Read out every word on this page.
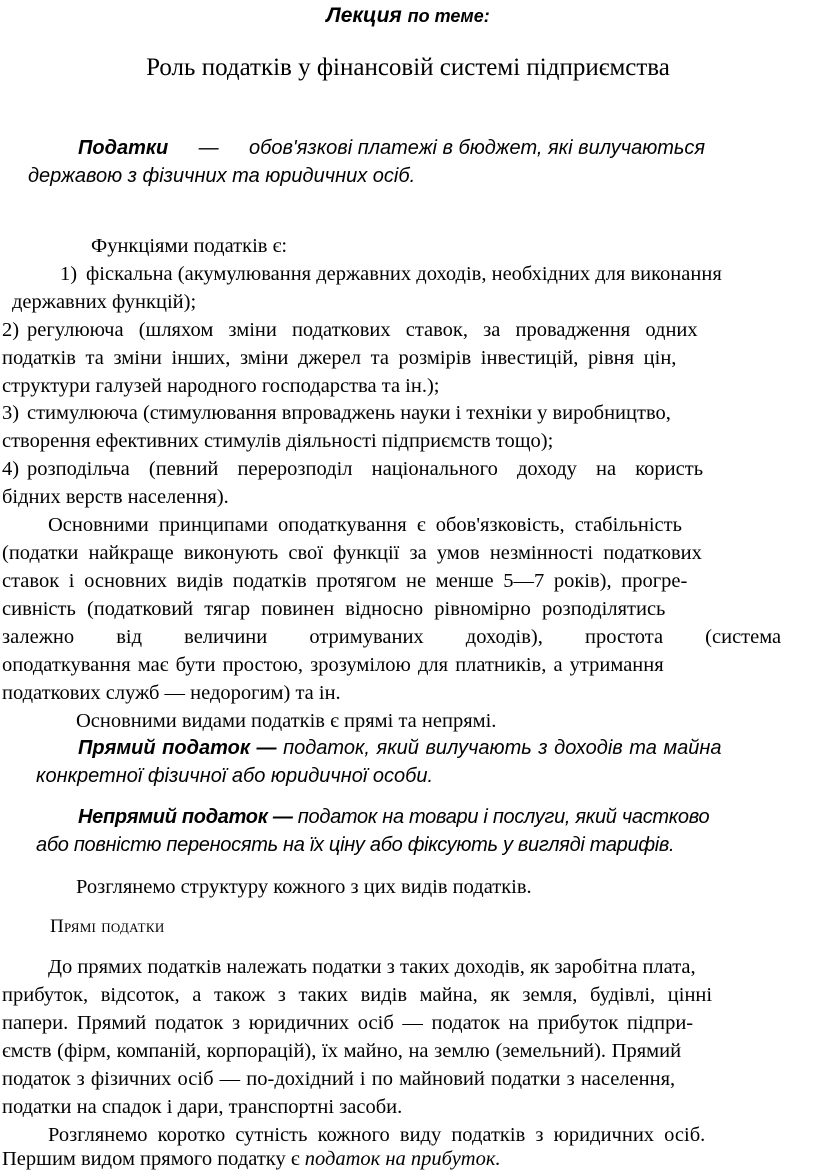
Лекция по теме:
Роль податків у фінансовій системі підприємства
Податки — обов'язкові платежі в бюджет, які вилучаються
державою з фізичних та юридичних осіб.
Функціями податків є:
1) фіскальна (акумулювання державних доходів, необхідних для виконання
державних функцій);
2) регулююча (шляхом зміни податкових ставок, за провадження одних
податків та зміни інших, зміни джерел та розмірів інвестицій, рівня цін,
структури галузей народного господарства та ін.);
3) стимулююча (стимулювання впроваджень науки і техніки у виробництво,
створення ефективних стимулів діяльності підприємств тощо);
4) розподільча (певний перерозподіл національного доходу на користь
бідних верств населення).
Основними принципами оподаткування є обов'язковість, стабільність
(податки найкраще виконують свої функції за умов незмінності податкових
ставок і основних видів податків протягом не менше 5—7 років), прогре-
сивність (податковий тягар повинен відносно рівномірно розподілятись
залежно від величини отримуваних доходів), простота (система
оподаткування має бути простою, зрозумілою для платників, а утримання
податкових служб — недорогим) та ін.
Основними видами податків є прямі та непрямі.
Прямий податок — податок, який вилучають з доходів та майна
конкретної фізичної або юридичної особи.
Непрямий податок — податок на товари і послуги, який частково
або повністю переносять на їх ціну або фіксують у вигляді тарифів.
Розглянемо структуру кожного з цих видів податків.
Прямі податки
До прямих податків належать податки з таких доходів, як заробітна плата,
прибуток, відсоток, а також з таких видів майна, як земля, будівлі, цінні
папери. Прямий податок з юридичних осіб — податок на прибуток підпри-
ємств (фірм, компаній, корпорацій), їх майно, на землю (земельний). Прямий
податок з фізичних осіб — по-дохідний і по майновий податки з населення,
податки на спадок і дари, транспортні засоби.
Розглянемо коротко сутність кожного виду податків з юридичних осіб.
Першим видом прямого податку є податок на прибуток.
